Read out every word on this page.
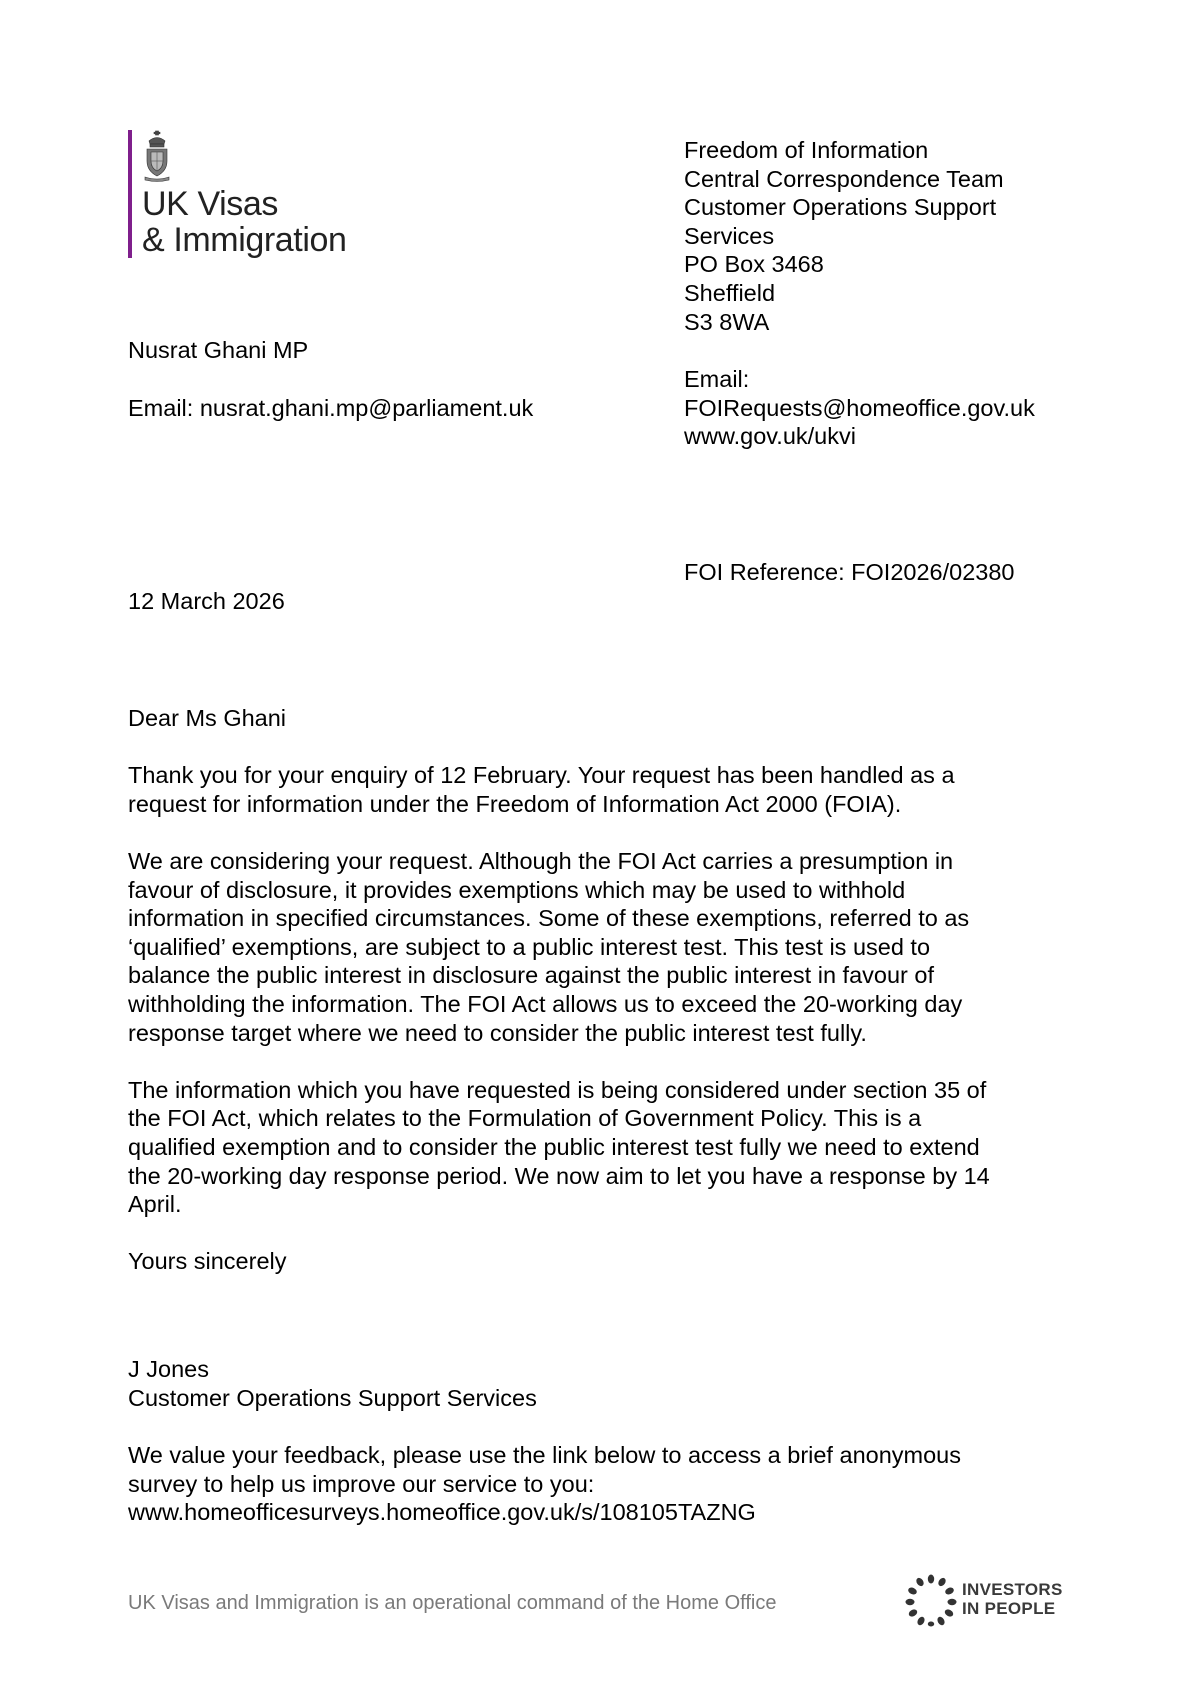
UK Visas
& Immigration
Freedom of Information
Central Correspondence Team
Customer Operations Support
Services
PO Box 3468
Sheffield
S3 8WA
Email:
FOIRequests@homeoffice.gov.uk
www.gov.uk/ukvi
FOI Reference: FOI2026/02380
Nusrat Ghani MP
Email: nusrat.ghani.mp@parliament.uk
12 March 2026
Dear Ms Ghani
Thank you for your enquiry of 12 February. Your request has been handled as a
request for information under the Freedom of Information Act 2000 (FOIA).
We are considering your request. Although the FOI Act carries a presumption in
favour of disclosure, it provides exemptions which may be used to withhold
information in specified circumstances. Some of these exemptions, referred to as
‘qualified’ exemptions, are subject to a public interest test. This test is used to
balance the public interest in disclosure against the public interest in favour of
withholding the information. The FOI Act allows us to exceed the 20-working day
response target where we need to consider the public interest test fully.
The information which you have requested is being considered under section 35 of
the FOI Act, which relates to the Formulation of Government Policy. This is a
qualified exemption and to consider the public interest test fully we need to extend
the 20-working day response period. We now aim to let you have a response by 14
April.
Yours sincerely
J Jones
Customer Operations Support Services
We value your feedback, please use the link below to access a brief anonymous
survey to help us improve our service to you:
www.homeofficesurveys.homeoffice.gov.uk/s/108105TAZNG
UK Visas and Immigration is an operational command of the Home Office
INVESTORS
IN PEOPLE
